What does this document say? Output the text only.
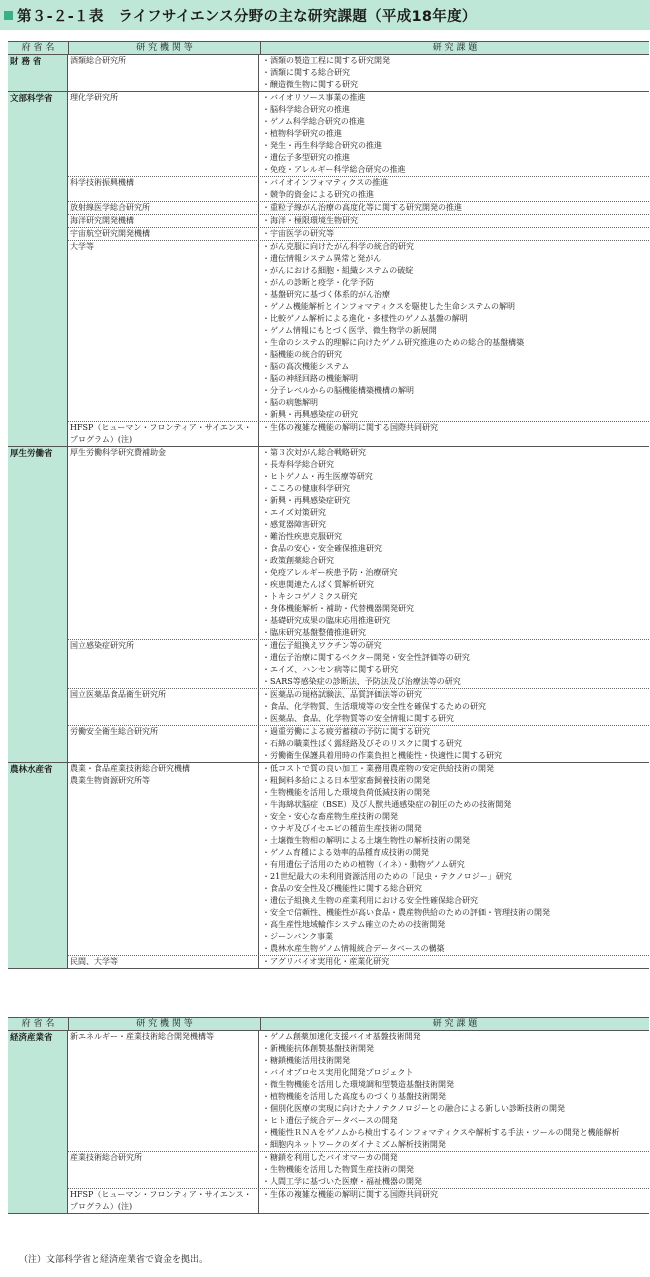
第３-２-１表　ライフサイエンス分野の主な研究課題（平成18年度）
府 省 名	研 究 機 関 等	研 究 課 題
財 務 省	酒類総合研究所	・酒類の製造工程に関する研究開発
・酒類に関する総合研究
・醸造微生物に関する研究
文部科学省	理化学研究所	・バイオリソース事業の推進
・脳科学総合研究の推進
・ゲノム科学総合研究の推進
・植物科学研究の推進
・発生・再生科学総合研究の推進
・遺伝子多型研究の推進
・免疫・アレルギー科学総合研究の推進
科学技術振興機構	・バイオインフォマティクスの推進
・競争的資金による研究の推進
放射線医学総合研究所	・重粒子線がん治療の高度化等に関する研究開発の推進
海洋研究開発機構	・海洋・極限環境生物研究
宇宙航空研究開発機構	・宇宙医学の研究等
大学等	・がん克服に向けたがん科学の統合的研究
・遺伝情報システム異常と発がん
・がんにおける細胞・組織システムの破綻
・がんの診断と疫学・化学予防
・基盤研究に基づく体系的がん治療
・ゲノム機能解析とインフォマティクスを駆使した生命システムの解明
・比較ゲノム解析による進化・多様性のゲノム基盤の解明
・ゲノム情報にもとづく医学、微生物学の新展開
・生命のシステム的理解に向けたゲノム研究推進のための総合的基盤構築
・脳機能の統合的研究
・脳の高次機能システム
・脳の神経回路の機能解明
・分子レベルからの脳機能構築機構の解明
・脳の病態解明
・新興・再興感染症の研究
HFSP（ヒューマン・フロンティア・サイエンス・プログラム）(注)
・生体の複雑な機能の解明に関する国際共同研究
厚生労働省	厚生労働科学研究費補助金	・第３次対がん総合戦略研究
・長寿科学総合研究
・ヒトゲノム・再生医療等研究
・こころの健康科学研究
・新興・再興感染症研究
・エイズ対策研究
・感覚器障害研究
・難治性疾患克服研究
・食品の安心・安全確保推進研究
・政策創薬総合研究
・免疫アレルギー疾患予防・治療研究
・疾患関連たんぱく質解析研究
・トキシコゲノミクス研究
・身体機能解析・補助・代替機器開発研究
・基礎研究成果の臨床応用推進研究
・臨床研究基盤整備推進研究
国立感染症研究所	・遺伝子組換えワクチン等の研究
・遺伝子治療に関するベクター開発・安全性評価等の研究
・エイズ、ハンセン病等に関する研究
・SARS等感染症の診断法、予防法及び治療法等の研究
国立医薬品食品衛生研究所	・医薬品の規格試験法、品質評価法等の研究
・食品、化学物質、生活環境等の安全性を確保するための研究
・医薬品、食品、化学物質等の安全情報に関する研究
労働安全衛生総合研究所	・過重労働による疲労蓄積の予防に関する研究
・石綿の職業性ばく露経路及びそのリスクに関する研究
・労働衛生保護具着用時の作業負担と機能性・快適性に関する研究
農林水産省	農業・食品産業技術総合研究機構
農業生物資源研究所等
・低コストで質の良い加工・業務用農産物の安定供給技術の開発
・粗飼料多給による日本型家畜飼養技術の開発
・生物機能を活用した環境負荷低減技術の開発
・牛海綿状脳症（BSE）及び人獣共通感染症の制圧のための技術開発
・安全・安心な畜産物生産技術の開発
・ウナギ及びイセエビの種苗生産技術の開発
・土壌微生物相の解明による土壌生物性の解析技術の開発
・ゲノム育種による効率的品種育成技術の開発
・有用遺伝子活用のための植物（イネ）・動物ゲノム研究
・21世紀最大の未利用資源活用のための「昆虫・テクノロジー」研究
・食品の安全性及び機能性に関する総合研究
・遺伝子組換え生物の産業利用における安全性確保総合研究
・安全で信頼性、機能性が高い食品・農産物供給のための評価・管理技術の開発
・高生産性地域輪作システム確立のための技術開発
・ジーンバンク事業
・農林水産生物ゲノム情報統合データベースの構築
民間、大学等	・アグリバイオ実用化・産業化研究
府 省 名	研 究 機 関 等	研 究 課 題
経済産業省	新エネルギー・産業技術総合開発機構等	・ゲノム創薬加速化支援バイオ基盤技術開発
・新機能抗体創製基盤技術開発
・糖鎖機能活用技術開発
・バイオプロセス実用化開発プロジェクト
・微生物機能を活用した環境調和型製造基盤技術開発
・植物機能を活用した高度ものづくり基盤技術開発
・個別化医療の実現に向けたナノテクノロジーとの融合による新しい診断技術の開発
・ヒト遺伝子統合データベースの開発
・機能性ＲＮＡをゲノムから検出するインフォマティクスや解析する手法・ツールの開発と機能解析
・細胞内ネットワークのダイナミズム解析技術開発
産業技術総合研究所	・糖鎖を利用したバイオマーカの開発
・生物機能を活用した物質生産技術の開発
・人間工学に基づいた医療・福祉機器の開発
HFSP（ヒューマン・フロンティア・サイエンス・プログラム）(注)
・生体の複雑な機能の解明に関する国際共同研究
（注）文部科学省と経済産業省で資金を拠出。
